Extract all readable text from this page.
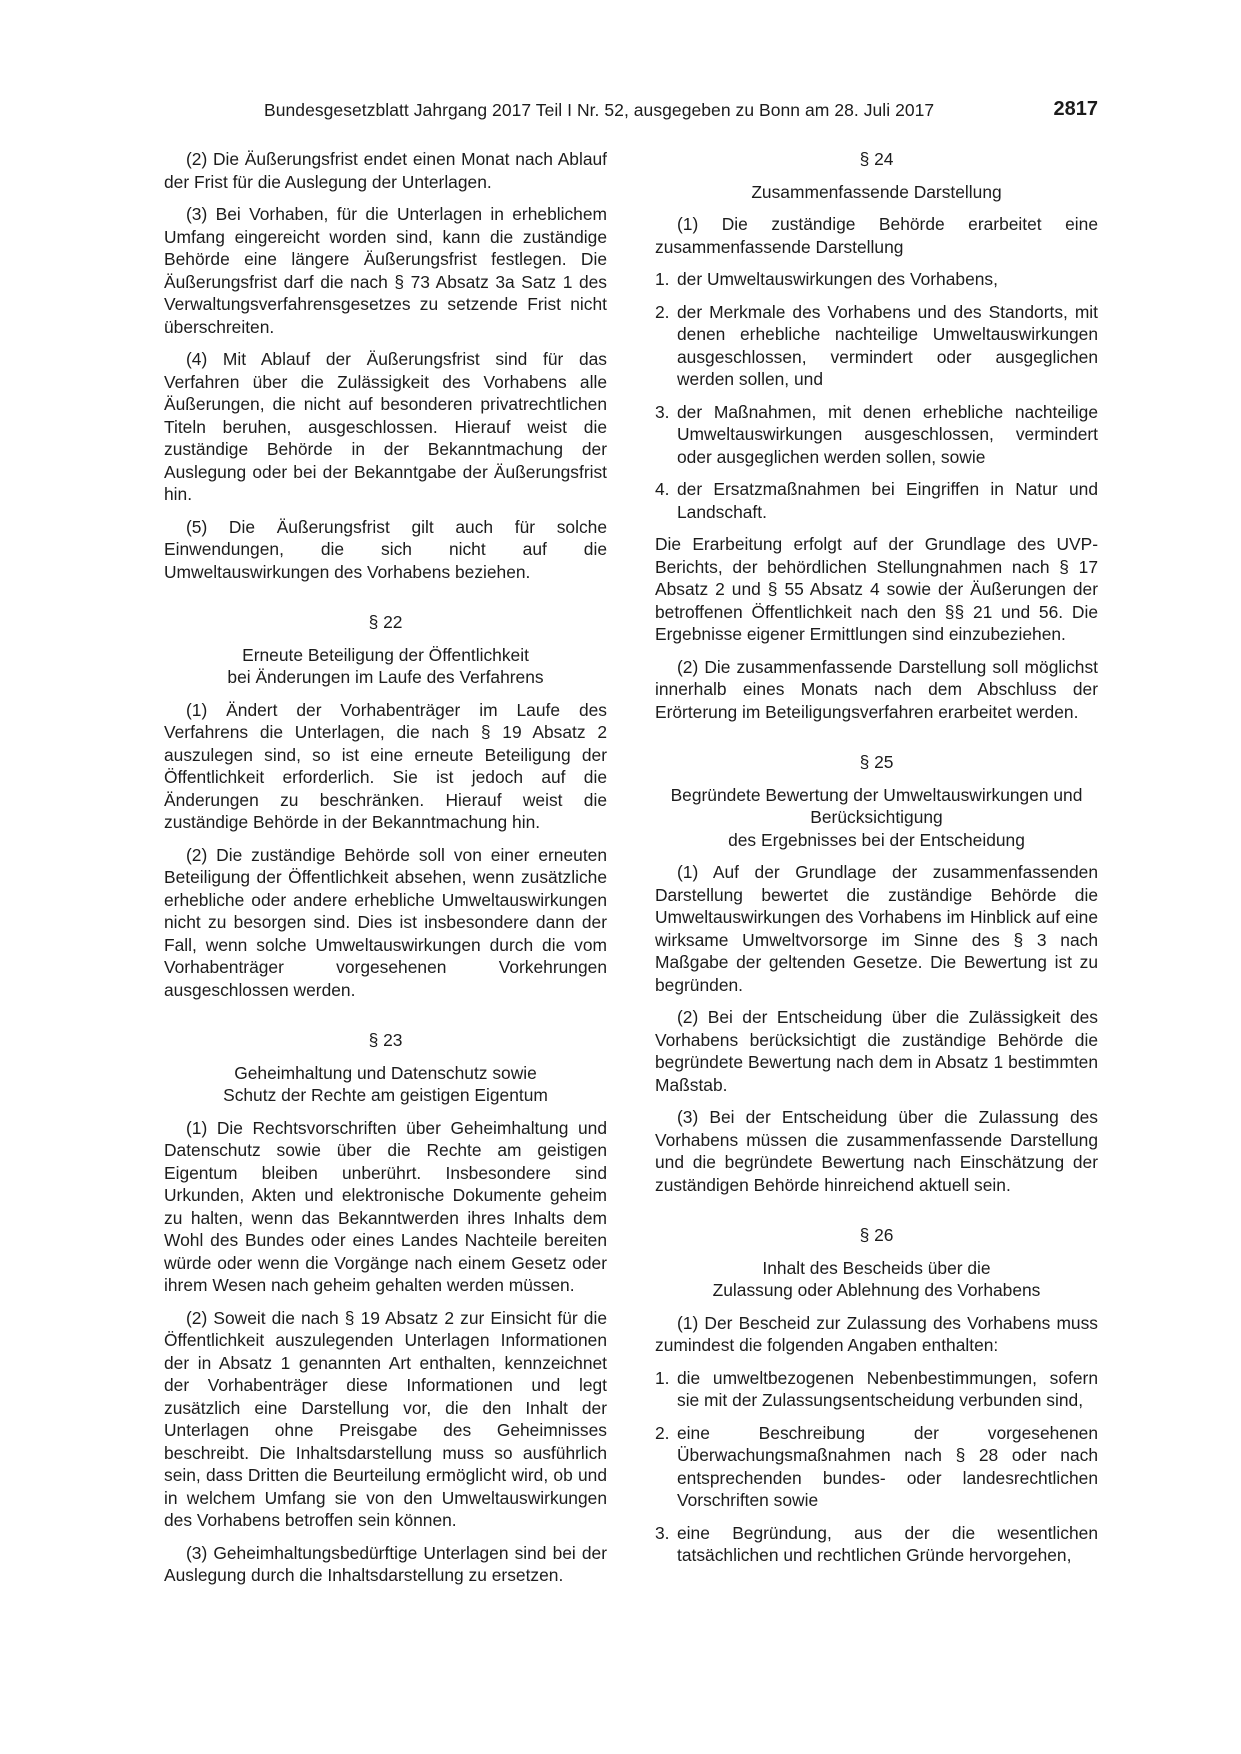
Bundesgesetzblatt Jahrgang 2017 Teil I Nr. 52, ausgegeben zu Bonn am 28. Juli 2017	2817

(2) Die Äußerungsfrist endet einen Monat nach Ablauf der Frist für die Auslegung der Unterlagen.

(3) Bei Vorhaben, für die Unterlagen in erheblichem Umfang eingereicht worden sind, kann die zuständige Behörde eine längere Äußerungsfrist festlegen. Die Äußerungsfrist darf die nach § 73 Absatz 3a Satz 1 des Verwaltungsverfahrensgesetzes zu setzende Frist nicht überschreiten.

(4) Mit Ablauf der Äußerungsfrist sind für das Verfahren über die Zulässigkeit des Vorhabens alle Äußerungen, die nicht auf besonderen privatrechtlichen Titeln beruhen, ausgeschlossen. Hierauf weist die zuständige Behörde in der Bekanntmachung der Auslegung oder bei der Bekanntgabe der Äußerungsfrist hin.

(5) Die Äußerungsfrist gilt auch für solche Einwendungen, die sich nicht auf die Umweltauswirkungen des Vorhabens beziehen.

§ 22
Erneute Beteiligung der Öffentlichkeit
bei Änderungen im Laufe des Verfahrens

(1) Ändert der Vorhabenträger im Laufe des Verfahrens die Unterlagen, die nach § 19 Absatz 2 auszulegen sind, so ist eine erneute Beteiligung der Öffentlichkeit erforderlich. Sie ist jedoch auf die Änderungen zu beschränken. Hierauf weist die zuständige Behörde in der Bekanntmachung hin.

(2) Die zuständige Behörde soll von einer erneuten Beteiligung der Öffentlichkeit absehen, wenn zusätzliche erhebliche oder andere erhebliche Umweltauswirkungen nicht zu besorgen sind. Dies ist insbesondere dann der Fall, wenn solche Umweltauswirkungen durch die vom Vorhabenträger vorgesehenen Vorkehrungen ausgeschlossen werden.

§ 23
Geheimhaltung und Datenschutz sowie
Schutz der Rechte am geistigen Eigentum

(1) Die Rechtsvorschriften über Geheimhaltung und Datenschutz sowie über die Rechte am geistigen Eigentum bleiben unberührt. Insbesondere sind Urkunden, Akten und elektronische Dokumente geheim zu halten, wenn das Bekanntwerden ihres Inhalts dem Wohl des Bundes oder eines Landes Nachteile bereiten würde oder wenn die Vorgänge nach einem Gesetz oder ihrem Wesen nach geheim gehalten werden müssen.

(2) Soweit die nach § 19 Absatz 2 zur Einsicht für die Öffentlichkeit auszulegenden Unterlagen Informationen der in Absatz 1 genannten Art enthalten, kennzeichnet der Vorhabenträger diese Informationen und legt zusätzlich eine Darstellung vor, die den Inhalt der Unterlagen ohne Preisgabe des Geheimnisses beschreibt. Die Inhaltsdarstellung muss so ausführlich sein, dass Dritten die Beurteilung ermöglicht wird, ob und in welchem Umfang sie von den Umweltauswirkungen des Vorhabens betroffen sein können.

(3) Geheimhaltungsbedürftige Unterlagen sind bei der Auslegung durch die Inhaltsdarstellung zu ersetzen.

§ 24
Zusammenfassende Darstellung

(1) Die zuständige Behörde erarbeitet eine zusammenfassende Darstellung

1. der Umweltauswirkungen des Vorhabens,
2. der Merkmale des Vorhabens und des Standorts, mit denen erhebliche nachteilige Umweltauswirkungen ausgeschlossen, vermindert oder ausgeglichen werden sollen, und
3. der Maßnahmen, mit denen erhebliche nachteilige Umweltauswirkungen ausgeschlossen, vermindert oder ausgeglichen werden sollen, sowie
4. der Ersatzmaßnahmen bei Eingriffen in Natur und Landschaft.

Die Erarbeitung erfolgt auf der Grundlage des UVP-Berichts, der behördlichen Stellungnahmen nach § 17 Absatz 2 und § 55 Absatz 4 sowie der Äußerungen der betroffenen Öffentlichkeit nach den §§ 21 und 56. Die Ergebnisse eigener Ermittlungen sind einzubeziehen.

(2) Die zusammenfassende Darstellung soll möglichst innerhalb eines Monats nach dem Abschluss der Erörterung im Beteiligungsverfahren erarbeitet werden.

§ 25
Begründete Bewertung der Umweltauswirkungen und Berücksichtigung
des Ergebnisses bei der Entscheidung

(1) Auf der Grundlage der zusammenfassenden Darstellung bewertet die zuständige Behörde die Umweltauswirkungen des Vorhabens im Hinblick auf eine wirksame Umweltvorsorge im Sinne des § 3 nach Maßgabe der geltenden Gesetze. Die Bewertung ist zu begründen.

(2) Bei der Entscheidung über die Zulässigkeit des Vorhabens berücksichtigt die zuständige Behörde die begründete Bewertung nach dem in Absatz 1 bestimmten Maßstab.

(3) Bei der Entscheidung über die Zulassung des Vorhabens müssen die zusammenfassende Darstellung und die begründete Bewertung nach Einschätzung der zuständigen Behörde hinreichend aktuell sein.

§ 26
Inhalt des Bescheids über die
Zulassung oder Ablehnung des Vorhabens

(1) Der Bescheid zur Zulassung des Vorhabens muss zumindest die folgenden Angaben enthalten:

1. die umweltbezogenen Nebenbestimmungen, sofern sie mit der Zulassungsentscheidung verbunden sind,
2. eine Beschreibung der vorgesehenen Überwachungsmaßnahmen nach § 28 oder nach entsprechenden bundes- oder landesrechtlichen Vorschriften sowie
3. eine Begründung, aus der die wesentlichen tatsächlichen und rechtlichen Gründe hervorgehen,
